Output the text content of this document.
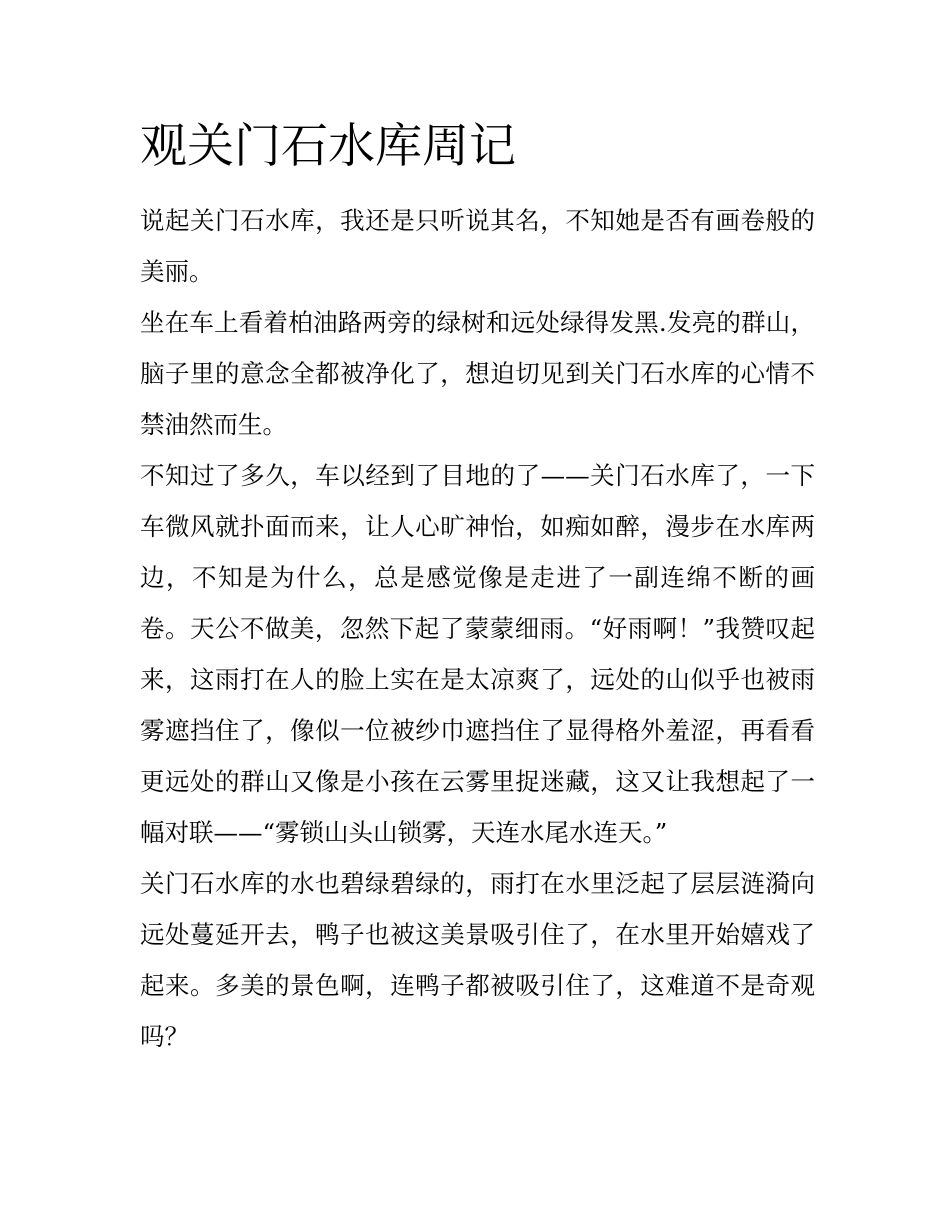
观关门石水库周记

说起关门石水库，我还是只听说其名，不知她是否有画卷般的美丽。

坐在车上看着柏油路两旁的绿树和远处绿得发黑.发亮的群山，脑子里的意念全都被净化了，想迫切见到关门石水库的心情不禁油然而生。

不知过了多久，车以经到了目地的了——关门石水库了，一下车微风就扑面而来，让人心旷神怡，如痴如醉，漫步在水库两边，不知是为什么，总是感觉像是走进了一副连绵不断的画卷。天公不做美，忽然下起了蒙蒙细雨。“好雨啊！”我赞叹起来，这雨打在人的脸上实在是太凉爽了，远处的山似乎也被雨雾遮挡住了，像似一位被纱巾遮挡住了显得格外羞涩，再看看更远处的群山又像是小孩在云雾里捉迷藏，这又让我想起了一幅对联——“雾锁山头山锁雾，天连水尾水连天。”

关门石水库的水也碧绿碧绿的，雨打在水里泛起了层层涟漪向远处蔓延开去，鸭子也被这美景吸引住了，在水里开始嬉戏了起来。多美的景色啊，连鸭子都被吸引住了，这难道不是奇观吗？
